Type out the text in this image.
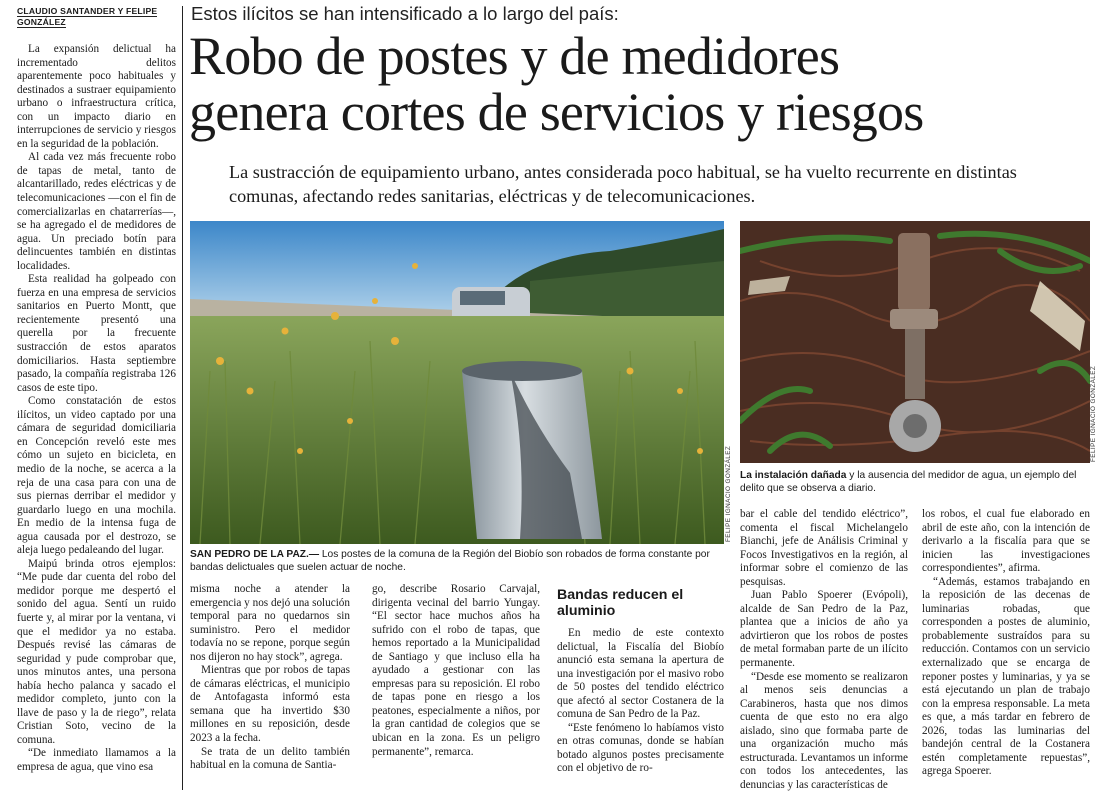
CLAUDIO SANTANDER Y FELIPE GONZÁLEZ	Estos ilícitos se han intensificado a lo largo del país:
Robo de postes y de medidores
genera cortes de servicios y riesgos
La sustracción de equipamiento urbano, antes considerada poco habitual, se ha vuelto recurrente en distintas comunas, afectando redes sanitarias, eléctricas y de telecomunicaciones.

La expansión delictual ha incrementado delitos aparentemente poco habituales y destinados a sustraer equipamiento urbano o infraestructura crítica, con un impacto diario en interrupciones de servicio y riesgos en la seguridad de la población.

Al cada vez más frecuente robo de tapas de metal, tanto de alcantarillado, redes eléctricas y de telecomunicaciones —con el fin de comercializarlas en chatarrerías—, se ha agregado el de medidores de agua. Un preciado botín para delincuentes también en distintas localidades.

Esta realidad ha golpeado con fuerza en una empresa de servicios sanitarios en Puerto Montt, que recientemente presentó una querella por la frecuente sustracción de estos aparatos domiciliarios. Hasta septiembre pasado, la compañía registraba 126 casos de este tipo.

Como constatación de estos ilícitos, un video captado por una cámara de seguridad domiciliaria en Concepción reveló este mes cómo un sujeto en bicicleta, en medio de la noche, se acerca a la reja de una casa para con una de sus piernas derribar el medidor y guardarlo luego en una mochila. En medio de la intensa fuga de agua causada por el destrozo, se aleja luego pedaleando del lugar.

Maipú brinda otros ejemplos: “Me pude dar cuenta del robo del medidor porque me despertó el sonido del agua. Sentí un ruido fuerte y, al mirar por la ventana, vi que el medidor ya no estaba. Después revisé las cámaras de seguridad y pude comprobar que, unos minutos antes, una persona había hecho palanca y sacado el medidor completo, junto con la llave de paso y la de riego”, relata Cristian Soto, vecino de la comuna.

“De inmediato llamamos a la empresa de agua, que vino esa

FELIPE IGNACIO GONZÁLEZ
SAN PEDRO DE LA PAZ.— Los postes de la comuna de la Región del Biobío son robados de forma constante por bandas delictuales que suelen actuar de noche.
FELIPE IGNACIO GONZÁLEZ
La instalación dañada y la ausencia del medidor de agua, un ejemplo del delito que se observa a diario.

misma noche a atender la emergencia y nos dejó una solución temporal para no quedarnos sin suministro. Pero el medidor todavía no se repone, porque según nos dijeron no hay stock”, agrega.

Mientras que por robos de tapas de cámaras eléctricas, el municipio de Antofagasta informó esta semana que ha invertido $30 millones en su reposición, desde 2023 a la fecha.

Se trata de un delito también habitual en la comuna de Santia-

go, describe Rosario Carvajal, dirigenta vecinal del barrio Yungay. “El sector hace muchos años ha sufrido con el robo de tapas, que hemos reportado a la Municipalidad de Santiago y que incluso ella ha ayudado a gestionar con las empresas para su reposición. El robo de tapas pone en riesgo a los peatones, especialmente a niños, por la gran cantidad de colegios que se ubican en la zona. Es un peligro permanente”, remarca.

Bandas reducen el aluminio

En medio de este contexto delictual, la Fiscalía del Biobío anunció esta semana la apertura de una investigación por el masivo robo de 50 postes del tendido eléctrico que afectó al sector Costanera de la comuna de San Pedro de la Paz.

“Este fenómeno lo habíamos visto en otras comunas, donde se habían botado algunos postes precisamente con el objetivo de ro-

bar el cable del tendido eléctrico”, comenta el fiscal Michelangelo Bianchi, jefe de Análisis Criminal y Focos Investigativos en la región, al informar sobre el comienzo de las pesquisas.

Juan Pablo Spoerer (Evópoli), alcalde de San Pedro de la Paz, plantea que a inicios de año ya advirtieron que los robos de postes de metal formaban parte de un ilícito permanente.

“Desde ese momento se realizaron al menos seis denuncias a Carabineros, hasta que nos dimos cuenta de que esto no era algo aislado, sino que formaba parte de una organización mucho más estructurada. Levantamos un informe con todos los antecedentes, las denuncias y las características de

los robos, el cual fue elaborado en abril de este año, con la intención de derivarlo a la fiscalía para que se inicien las investigaciones correspondientes”, afirma.

“Además, estamos trabajando en la reposición de las decenas de luminarias robadas, que corresponden a postes de aluminio, probablemente sustraídos para su reducción. Contamos con un servicio externalizado que se encarga de reponer postes y luminarias, y ya se está ejecutando un plan de trabajo con la empresa responsable. La meta es que, a más tardar en febrero de 2026, todas las luminarias del bandejón central de la Costanera estén completamente repuestas”, agrega Spoerer.
